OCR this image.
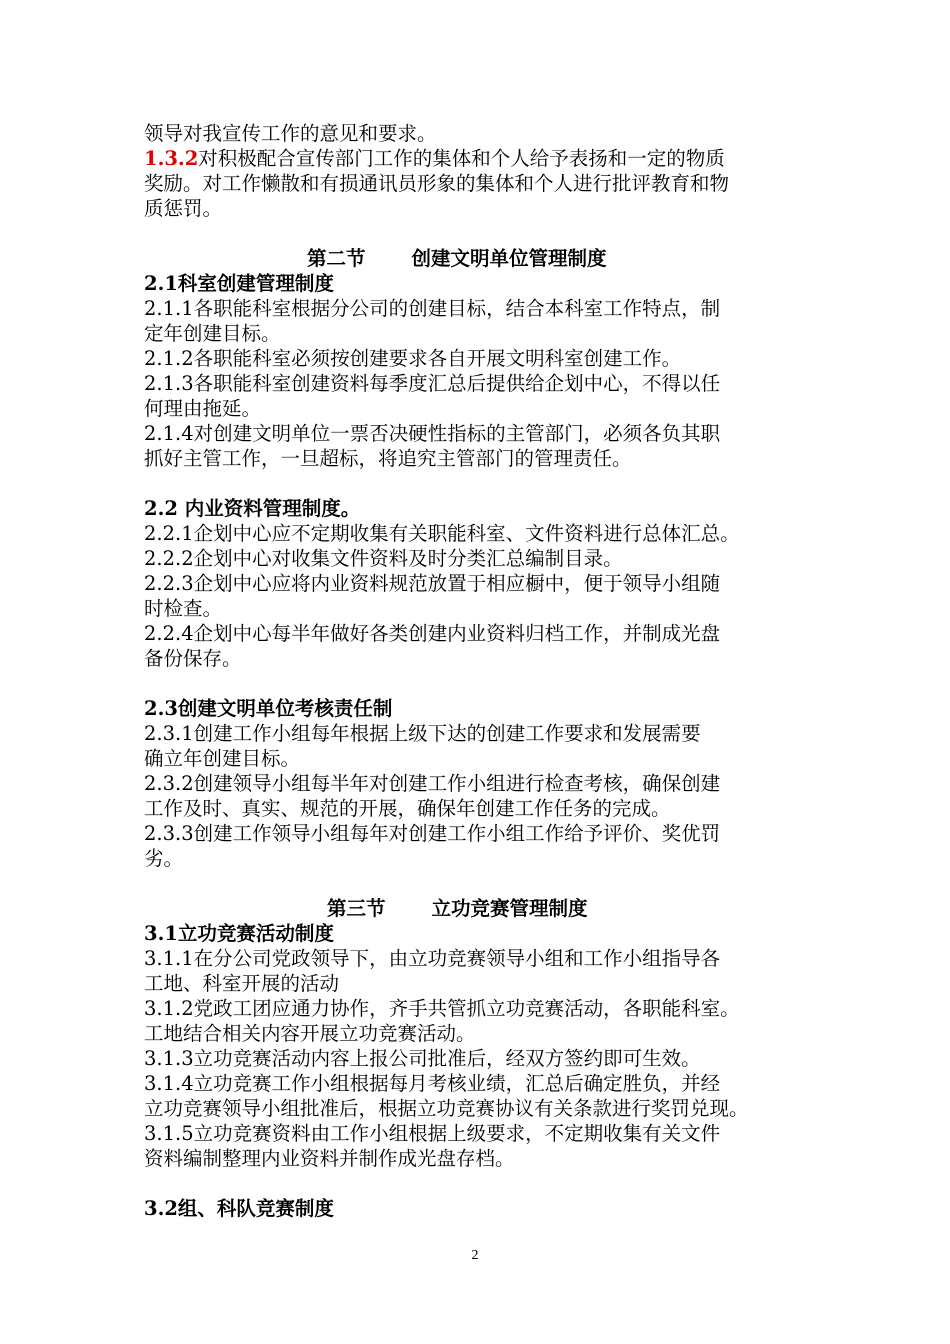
领导对我宣传工作的意见和要求。
1.3.2对积极配合宣传部门工作的集体和个人给予表扬和一定的物质
奖励。对工作懒散和有损通讯员形象的集体和个人进行批评教育和物
质惩罚。
第二节 创建文明单位管理制度
2.1科室创建管理制度
2.1.1各职能科室根据分公司的创建目标，结合本科室工作特点，制
定年创建目标。
2.1.2各职能科室必须按创建要求各自开展文明科室创建工作。
2.1.3各职能科室创建资料每季度汇总后提供给企划中心，不得以任
何理由拖延。
2.1.4对创建文明单位一票否决硬性指标的主管部门，必须各负其职
抓好主管工作，一旦超标，将追究主管部门的管理责任。
2.2 内业资料管理制度。
2.2.1企划中心应不定期收集有关职能科室、文件资料进行总体汇总。
2.2.2企划中心对收集文件资料及时分类汇总编制目录。
2.2.3企划中心应将内业资料规范放置于相应橱中，便于领导小组随
时检查。
2.2.4企划中心每半年做好各类创建内业资料归档工作，并制成光盘
备份保存。
2.3创建文明单位考核责任制
2.3.1创建工作小组每年根据上级下达的创建工作要求和发展需要
确立年创建目标。
2.3.2创建领导小组每半年对创建工作小组进行检查考核，确保创建
工作及时、真实、规范的开展，确保年创建工作任务的完成。
2.3.3创建工作领导小组每年对创建工作小组工作给予评价、奖优罚
劣。
第三节 立功竞赛管理制度
3.1立功竞赛活动制度
3.1.1在分公司党政领导下，由立功竞赛领导小组和工作小组指导各
工地、科室开展的活动
3.1.2党政工团应通力协作，齐手共管抓立功竞赛活动，各职能科室。
工地结合相关内容开展立功竞赛活动。
3.1.3立功竞赛活动内容上报公司批准后，经双方签约即可生效。
3.1.4立功竞赛工作小组根据每月考核业绩，汇总后确定胜负，并经
立功竞赛领导小组批准后，根据立功竞赛协议有关条款进行奖罚兑现。
3.1.5立功竞赛资料由工作小组根据上级要求，不定期收集有关文件
资料编制整理内业资料并制作成光盘存档。
3.2组、科队竞赛制度
2
